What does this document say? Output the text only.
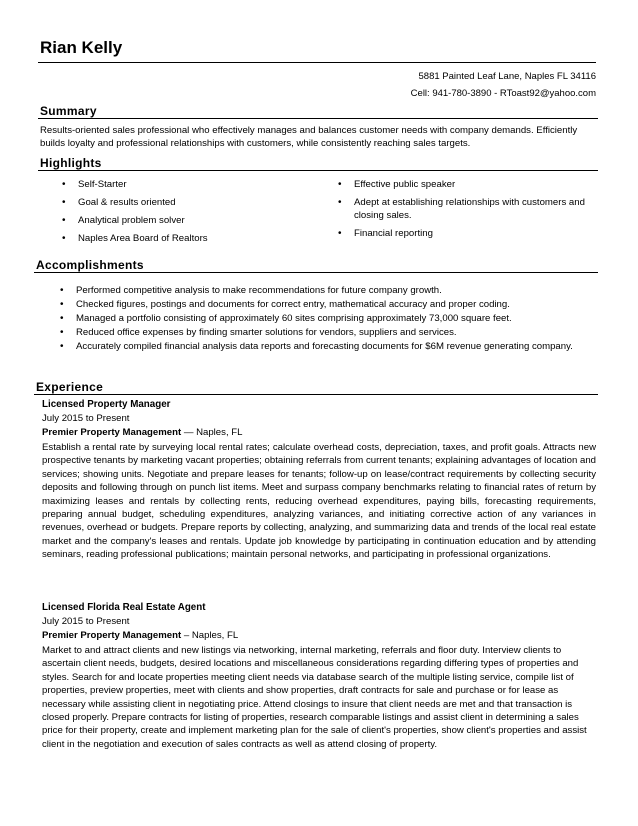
Rian Kelly
5881 Painted Leaf Lane, Naples FL 34116
Cell: 941-780-3890 - RToast92@yahoo.com
Summary
Results-oriented sales professional who effectively manages and balances customer needs with company demands. Efficiently builds loyalty and professional relationships with customers, while consistently reaching sales targets.
Highlights
• Self-Starter
• Goal & results oriented
• Analytical problem solver
• Naples Area Board of Realtors
• Effective public speaker
• Adept at establishing relationships with customers and closing sales.
• Financial reporting
Accomplishments
• Performed competitive analysis to make recommendations for future company growth.
• Checked figures, postings and documents for correct entry, mathematical accuracy and proper coding.
• Managed a portfolio consisting of approximately 60 sites comprising approximately 73,000 square feet.
• Reduced office expenses by finding smarter solutions for vendors, suppliers and services.
• Accurately compiled financial analysis data reports and forecasting documents for $6M revenue generating company.
Experience
Licensed Property Manager
July 2015 to Present
Premier Property Management — Naples, FL
Establish a rental rate by surveying local rental rates; calculate overhead costs, depreciation, taxes, and profit goals. Attracts new prospective tenants by marketing vacant properties; obtaining referrals from current tenants; explaining advantages of location and services; showing units. Negotiate and prepare leases for tenants; follow-up on lease/contract requirements by collecting security deposits and following through on punch list items. Meet and surpass company benchmarks relating to financial rates of return by maximizing leases and rentals by collecting rents, reducing overhead expenditures, paying bills, forecasting requirements, preparing annual budget, scheduling expenditures, analyzing variances, and initiating corrective action of any variances in revenues, overhead or budgets. Prepare reports by collecting, analyzing, and summarizing data and trends of the local real estate market and the company's leases and rentals. Update job knowledge by participating in continuation education and by attending seminars, reading professional publications; maintain personal networks, and participating in professional organizations.
Licensed Florida Real Estate Agent
July 2015 to Present
Premier Property Management – Naples, FL
Market to and attract clients and new listings via networking, internal marketing, referrals and floor duty. Interview clients to ascertain client needs, budgets, desired locations and miscellaneous considerations regarding differing types of properties and styles. Search for and locate properties meeting client needs via database search of the multiple listing service, compile list of properties, preview properties, meet with clients and show properties, draft contracts for sale and purchase or for lease as necessary while assisting client in negotiating price. Attend closings to insure that client needs are met and that transaction is closed properly. Prepare contracts for listing of properties, research comparable listings and assist client in determining a sales price for their property, create and implement marketing plan for the sale of client's properties, show client's properties and assist client in the negotiation and execution of sales contracts as well as attend closing of property.
